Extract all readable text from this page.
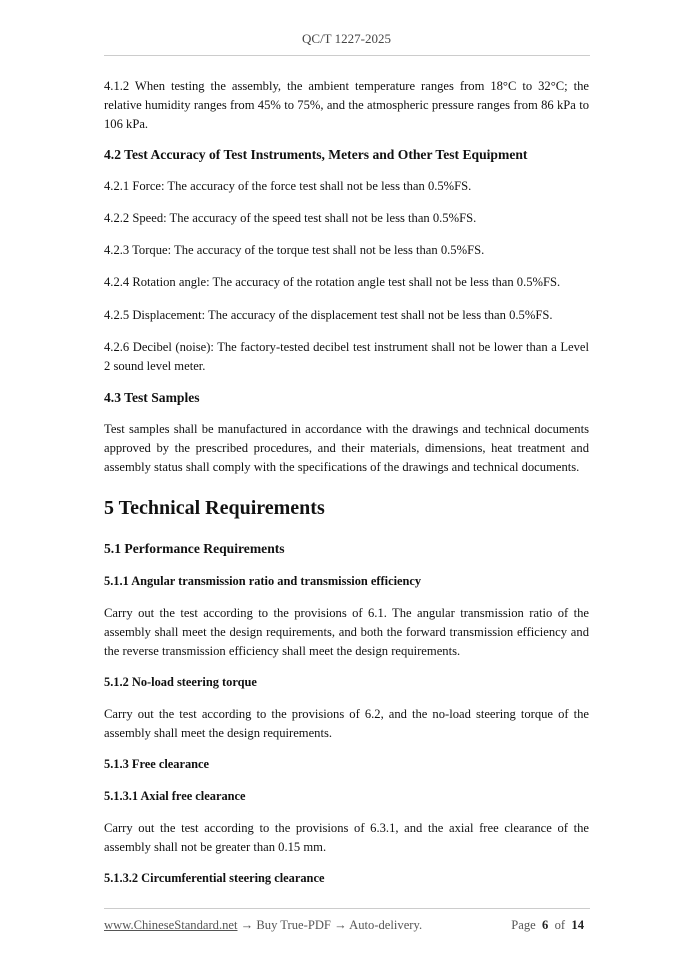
QC/T 1227-2025
4.1.2 When testing the assembly, the ambient temperature ranges from 18°C to 32°C; the relative humidity ranges from 45% to 75%, and the atmospheric pressure ranges from 86 kPa to 106 kPa.
4.2 Test Accuracy of Test Instruments, Meters and Other Test Equipment
4.2.1 Force: The accuracy of the force test shall not be less than 0.5%FS.
4.2.2 Speed: The accuracy of the speed test shall not be less than 0.5%FS.
4.2.3 Torque: The accuracy of the torque test shall not be less than 0.5%FS.
4.2.4 Rotation angle: The accuracy of the rotation angle test shall not be less than 0.5%FS.
4.2.5 Displacement: The accuracy of the displacement test shall not be less than 0.5%FS.
4.2.6 Decibel (noise): The factory-tested decibel test instrument shall not be lower than a Level 2 sound level meter.
4.3 Test Samples
Test samples shall be manufactured in accordance with the drawings and technical documents approved by the prescribed procedures, and their materials, dimensions, heat treatment and assembly status shall comply with the specifications of the drawings and technical documents.
5 Technical Requirements
5.1 Performance Requirements
5.1.1 Angular transmission ratio and transmission efficiency
Carry out the test according to the provisions of 6.1. The angular transmission ratio of the assembly shall meet the design requirements, and both the forward transmission efficiency and the reverse transmission efficiency shall meet the design requirements.
5.1.2 No-load steering torque
Carry out the test according to the provisions of 6.2, and the no-load steering torque of the assembly shall meet the design requirements.
5.1.3 Free clearance
5.1.3.1 Axial free clearance
Carry out the test according to the provisions of 6.3.1, and the axial free clearance of the assembly shall not be greater than 0.15 mm.
5.1.3.2 Circumferential steering clearance
www.ChineseStandard.net → Buy True-PDF → Auto-delivery.	Page 6 of 14
